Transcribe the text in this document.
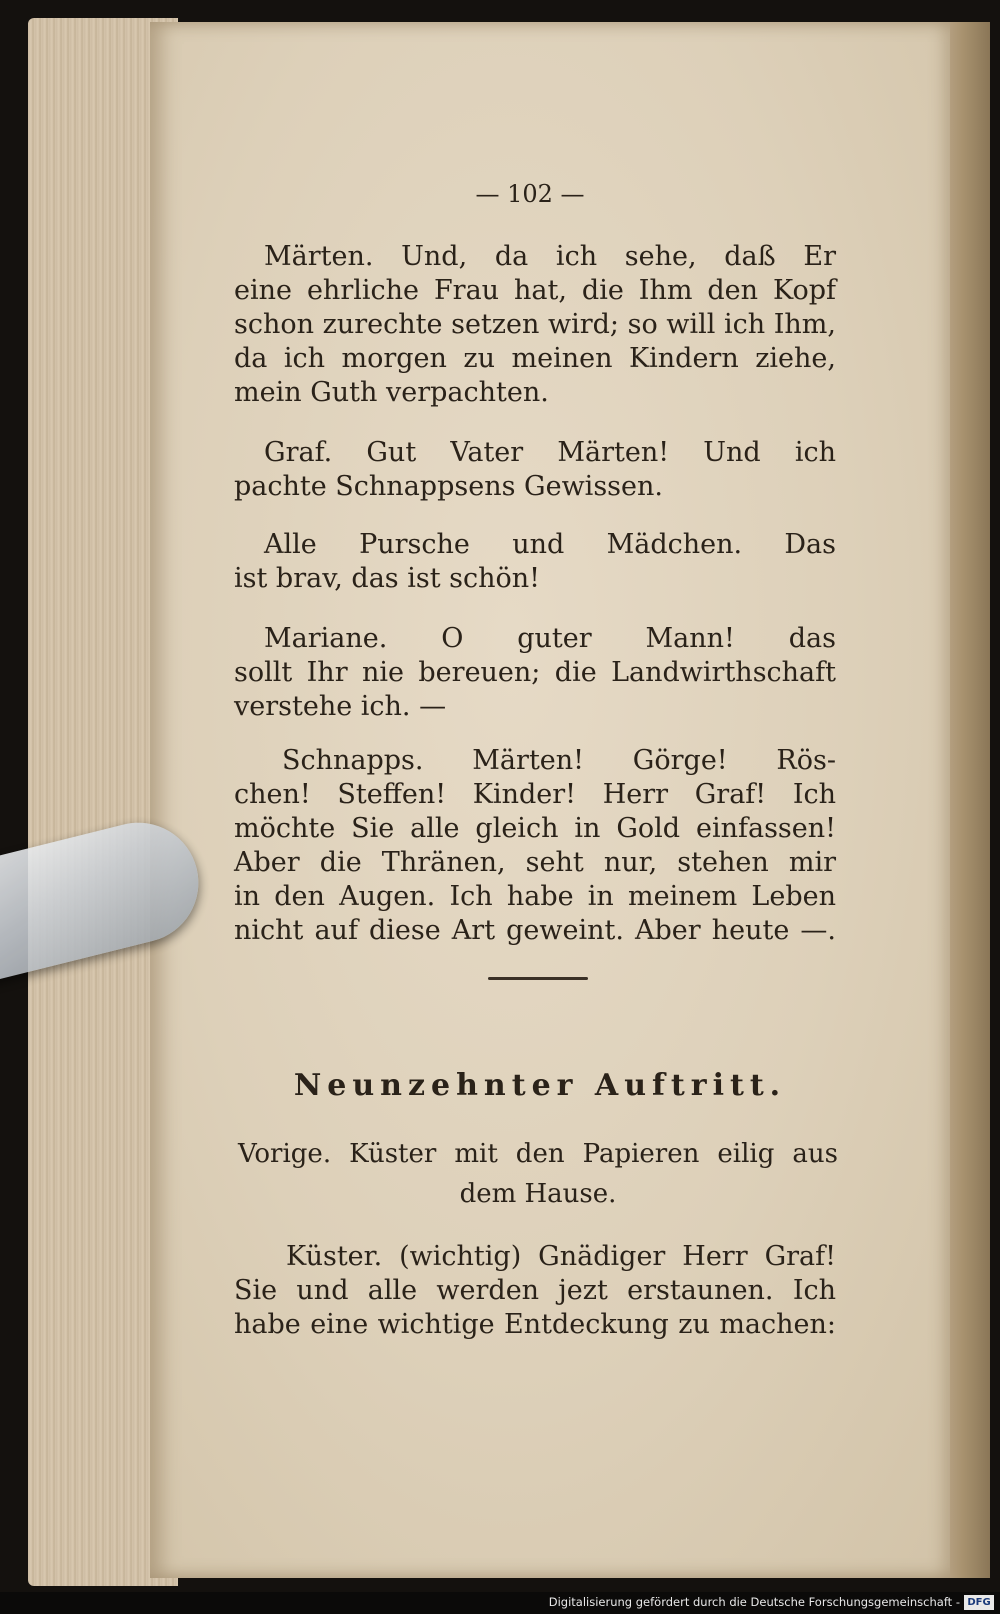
— 102 —
Märten. Und, da ich sehe, daß Er
eine ehrliche Frau hat, die Ihm den Kopf
schon zurechte setzen wird; so will ich Ihm,
da ich morgen zu meinen Kindern ziehe,
mein Guth verpachten.
Graf. Gut Vater Märten! Und ich
pachte Schnappsens Gewissen.
Alle Pursche und Mädchen. Das
ist brav, das ist schön!
Mariane. O guter Mann! das
sollt Ihr nie bereuen; die Landwirthschaft
verstehe ich. —
Schnapps. Märten! Görge! Rös-
chen! Steffen! Kinder! Herr Graf! Ich
möchte Sie alle gleich in Gold einfassen!
Aber die Thränen, seht nur, stehen mir
in den Augen. Ich habe in meinem Leben
nicht auf diese Art geweint. Aber heute —.
Neunzehnter Auftritt.
Vorige. Küster mit den Papieren eilig aus
dem Hause.
Küster. (wichtig) Gnädiger Herr Graf!
Sie und alle werden jezt erstaunen. Ich
habe eine wichtige Entdeckung zu machen:
Digitalisierung gefördert durch die Deutsche Forschungsgemeinschaft - DFG
